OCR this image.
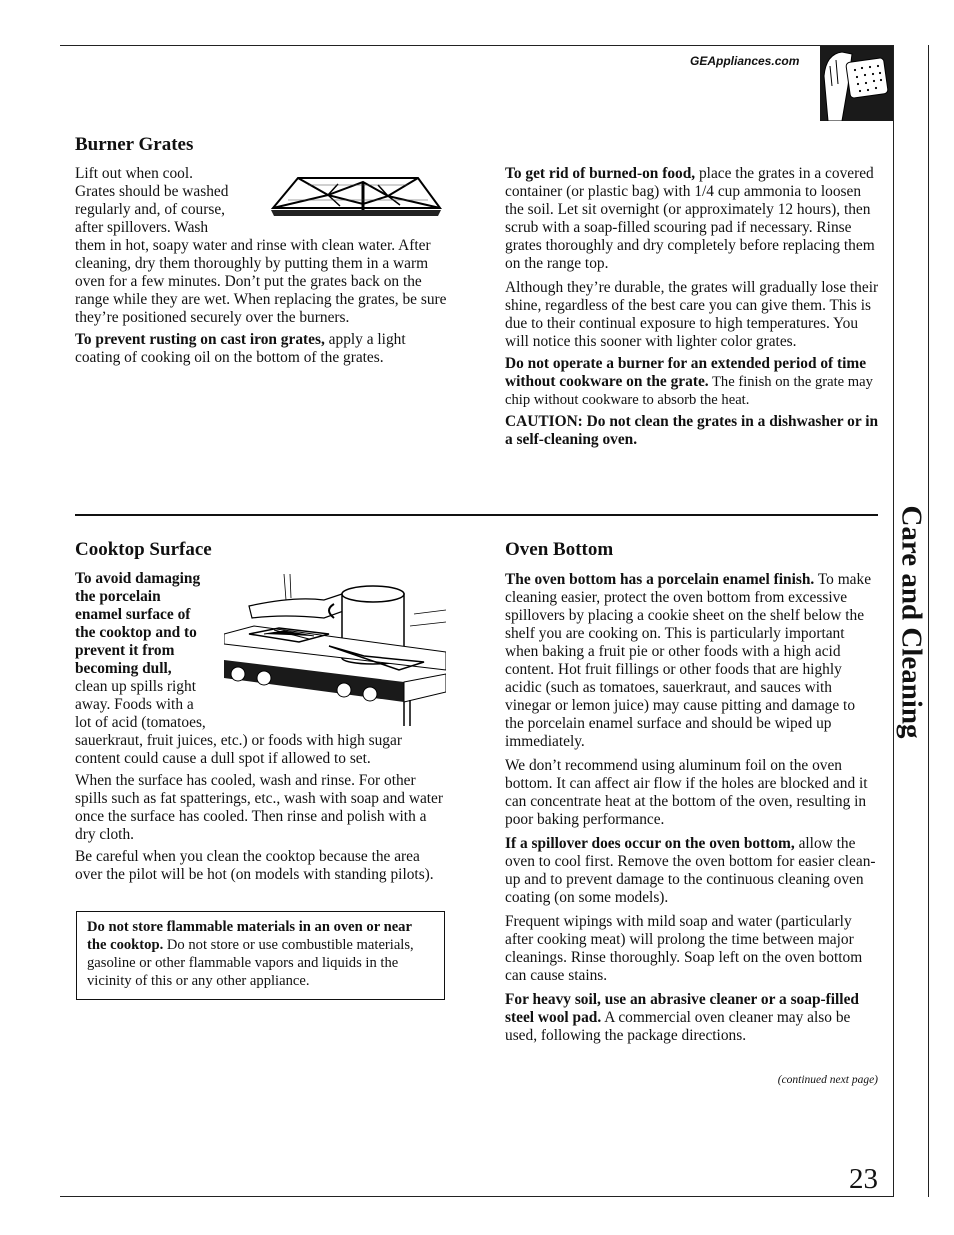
GEAppliances.com
Care and Cleaning
Burner Grates

Lift out when cool.

Grates should be washed

regularly and, of course,

after spillovers. Wash

them in hot, soapy water and rinse with clean water. After cleaning, dry them thoroughly by putting them in a warm oven for a few minutes. Don’t put the grates back on the range while they are wet. When replacing the grates, be sure they’re positioned securely over the burners.

To prevent rusting on cast iron grates, apply a light coating of cooking oil on the bottom of the grates.

To get rid of burned-on food, place the grates in a covered container (or plastic bag) with 1/4 cup ammonia to loosen the soil. Let sit overnight (or approximately 12 hours), then scrub with a soap-filled scouring pad if necessary. Rinse grates thoroughly and dry completely before replacing them on the range top.

Although they’re durable, the grates will gradually lose their shine, regardless of the best care you can give them. This is due to their continual exposure to high temperatures. You will notice this sooner with lighter color grates.

Do not operate a burner for an extended period of time without cookware on the grate. The finish on the grate may chip without cookware to absorb the heat.

CAUTION: Do not clean the grates in a dishwasher or in a self-cleaning oven.

Cooktop Surface

To avoid damaging

the porcelain

enamel surface of

the cooktop and to

prevent it from

becoming dull,

clean up spills right

away. Foods with a

lot of acid (tomatoes,

sauerkraut, fruit juices, etc.) or foods with high sugar content could cause a dull spot if allowed to set.

When the surface has cooled, wash and rinse. For other spills such as fat spatterings, etc., wash with soap and water once the surface has cooled. Then rinse and polish with a dry cloth.

Be careful when you clean the cooktop because the area over the pilot will be hot (on models with standing pilots).

Do not store flammable materials in an oven or near the cooktop. Do not store or use combustible materials, gasoline or other flammable vapors and liquids in the vicinity of this or any other appliance.

Oven Bottom

The oven bottom has a porcelain enamel finish. To make cleaning easier, protect the oven bottom from excessive spillovers by placing a cookie sheet on the shelf below the shelf you are cooking on. This is particularly important when baking a fruit pie or other foods with a high acid content. Hot fruit fillings or other foods that are highly acidic (such as tomatoes, sauerkraut, and sauces with vinegar or lemon juice) may cause pitting and damage to the porcelain enamel surface and should be wiped up immediately.

We don’t recommend using aluminum foil on the oven bottom. It can affect air flow if the holes are blocked and it can concentrate heat at the bottom of the oven, resulting in poor baking performance.

If a spillover does occur on the oven bottom, allow the oven to cool first. Remove the oven bottom for easier clean-up and to prevent damage to the continuous cleaning oven coating (on some models).

Frequent wipings with mild soap and water (particularly after cooking meat) will prolong the time between major cleanings. Rinse thoroughly. Soap left on the oven bottom can cause stains.

For heavy soil, use an abrasive cleaner or a soap-filled steel wool pad. A commercial oven cleaner may also be used, following the package directions.

(continued next page)
23
